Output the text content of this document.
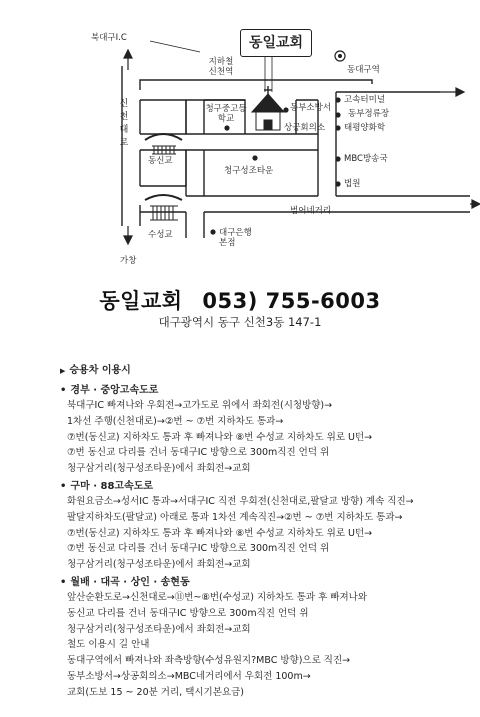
동일교회
북대구I.C
지하철
신천역	동대구역
신
천
대
로
청구중고등
학교
동부소방서
고속터미널
동부정류장
상공회의소 태평양화학
동신교	MBC방송국
청구성조타운
법원
범어네거리
수성교	대구은행
본점
가창
동일교회 053) 755-6003
대구광역시 동구 신천3동 147-1
▶ 승용차 이용시
• 경부 · 중앙고속도로
북대구IC 빠져나와 우회전→고가도로 위에서 좌회전(시청방향)→
1차선 주행(신천대로)→②번 ~ ⑦번 지하차도 통과→
⑦번(동신교) 지하차도 통과 후 빠져나와 ⑧번 수성교 지하차도 위로 U턴→
⑦번 동신교 다리를 건너 동대구IC 방향으로 300m직진 언덕 위
청구삼거리(청구성조타운)에서 좌회전→교회
• 구마 · 88고속도로
화원요금소→성서IC 통과→서대구IC 직전 우회전(신천대로,팔달교 방향) 계속 직진→
팔달지하차도(팔달교) 아래로 통과 1차선 계속직진→②번 ~ ⑦번 지하차도 통과→
⑦번(동신교) 지하차도 통과 후 빠져나와 ⑧번 수성교 지하차도 위로 U턴→
⑦번 동신교 다리를 건너 동대구IC 방향으로 300m직진 언덕 위
청구삼거리(청구성조타운)에서 좌회전→교회
• 월배 · 대곡 · 상인 · 송현동
앞산순환도로→신천대로→⑪번~⑧번(수성교) 지하차도 통과 후 빠져나와
동신교 다리를 건너 동대구IC 방향으로 300m직진 언덕 위
청구삼거리(청구성조타운)에서 좌회전→교회
철도 이용시 길 안내
동대구역에서 빠져나와 좌측방향(수성유원지?MBC 방향)으로 직진→
동부소방서→상공회의소→MBC네거리에서 우회전 100m→
교회(도보 15 ~ 20분 거리, 택시기본요금)
